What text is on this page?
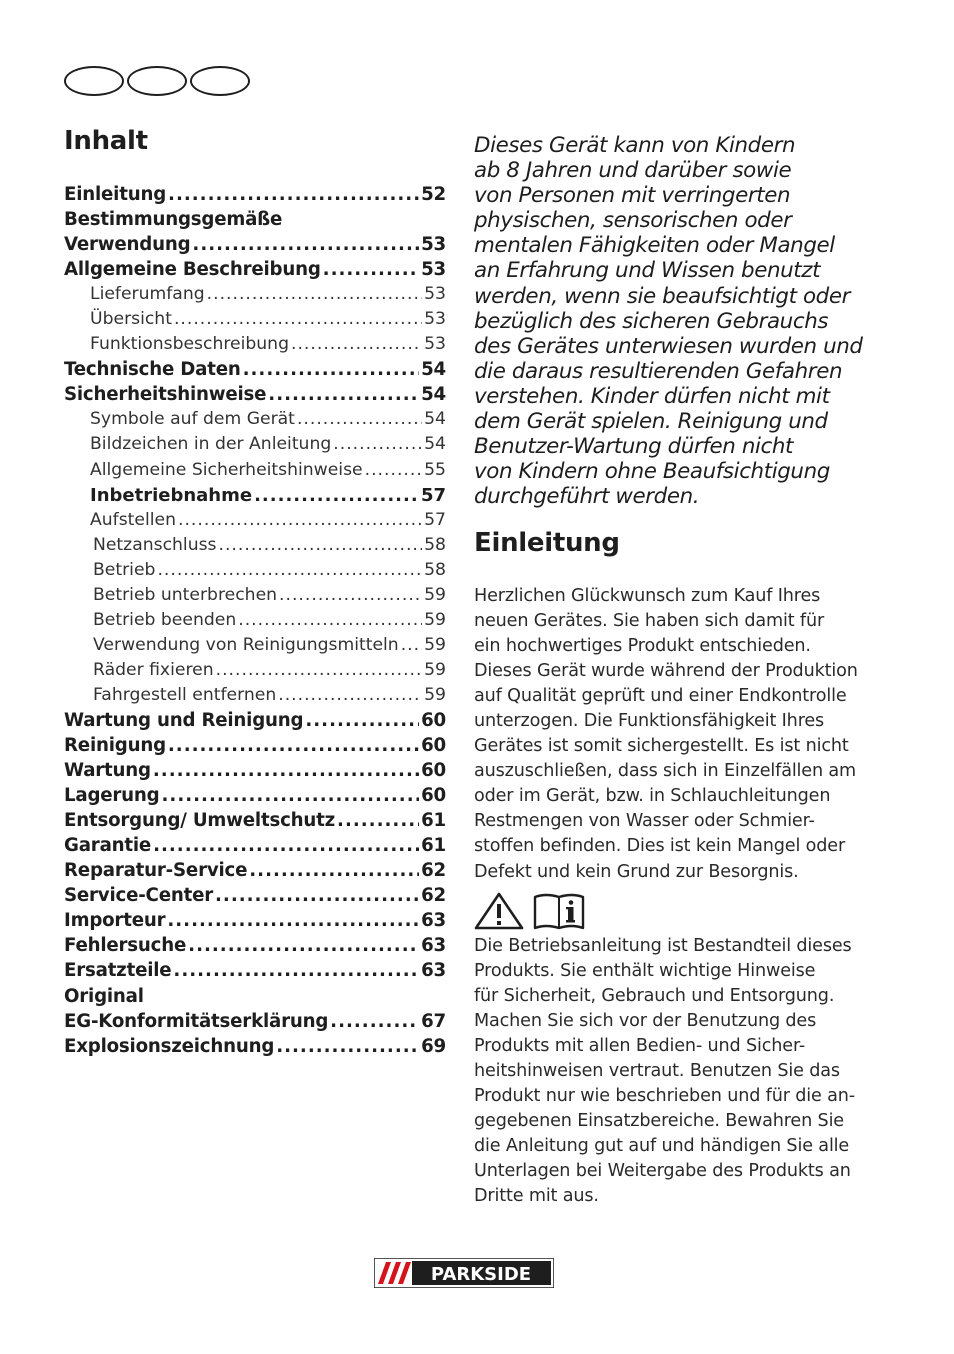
Inhalt
Einleitung .....	52
Bestimmungsgemäße
Verwendung .....	53
Allgemeine Beschreibung .....	53
Lieferumfang .....	53
Übersicht .....	53
Funktionsbeschreibung .....	53
Technische Daten .....	54
Sicherheitshinweise .....	54
Symbole auf dem Gerät .....	54
Bildzeichen in der Anleitung .....	54
Allgemeine Sicherheitshinweise .....	55
Inbetriebnahme .....	57
Aufstellen .....	57
Netzanschluss .....	58
Betrieb .....	58
Betrieb unterbrechen .....	59
Betrieb beenden .....	59
Verwendung von Reinigungsmitteln ..... 59
Räder fixieren .....	59
Fahrgestell entfernen .....	59
Wartung und Reinigung .....	60
Reinigung .....	60
Wartung .....	60
Lagerung .....	60
Entsorgung/ Umweltschutz .....	61
Garantie .....	61
Reparatur-Service .....	62
Service-Center .....	62
Importeur .....	63
Fehlersuche .....	63
Ersatzteile .....	63
Original
EG-Konformitätserklärung .....	67
Explosionszeichnung .....	69

Dieses Gerät kann von Kindern
ab 8 Jahren und darüber sowie
von Personen mit verringerten
physischen, sensorischen oder
mentalen Fähigkeiten oder Mangel
an Erfahrung und Wissen benutzt
werden, wenn sie beaufsichtigt oder
bezüglich des sicheren Gebrauchs
des Gerätes unterwiesen wurden und
die daraus resultierenden Gefahren
verstehen. Kinder dürfen nicht mit
dem Gerät spielen. Reinigung und
Benutzer-Wartung dürfen nicht
von Kindern ohne Beaufsichtigung
durchgeführt werden.

Einleitung

Herzlichen Glückwunsch zum Kauf Ihres
neuen Gerätes. Sie haben sich damit für
ein hochwertiges Produkt entschieden.
Dieses Gerät wurde während der Produktion
auf Qualität geprüft und einer Endkontrolle
unterzogen. Die Funktionsfähigkeit Ihres
Gerätes ist somit sichergestellt. Es ist nicht
auszuschließen, dass sich in Einzelfällen am
oder im Gerät, bzw. in Schlauchleitungen
Restmengen von Wasser oder Schmier-
stoffen befinden. Dies ist kein Mangel oder
Defekt und kein Grund zur Besorgnis.

Die Betriebsanleitung ist Bestandteil dieses
Produkts. Sie enthält wichtige Hinweise
für Sicherheit, Gebrauch und Entsorgung.
Machen Sie sich vor der Benutzung des
Produkts mit allen Bedien- und Sicher-
heitshinweisen vertraut. Benutzen Sie das
Produkt nur wie beschrieben und für die an-
gegebenen Einsatzbereiche. Bewahren Sie
die Anleitung gut auf und händigen Sie alle
Unterlagen bei Weitergabe des Produkts an
Dritte mit aus.

PARKSIDE
